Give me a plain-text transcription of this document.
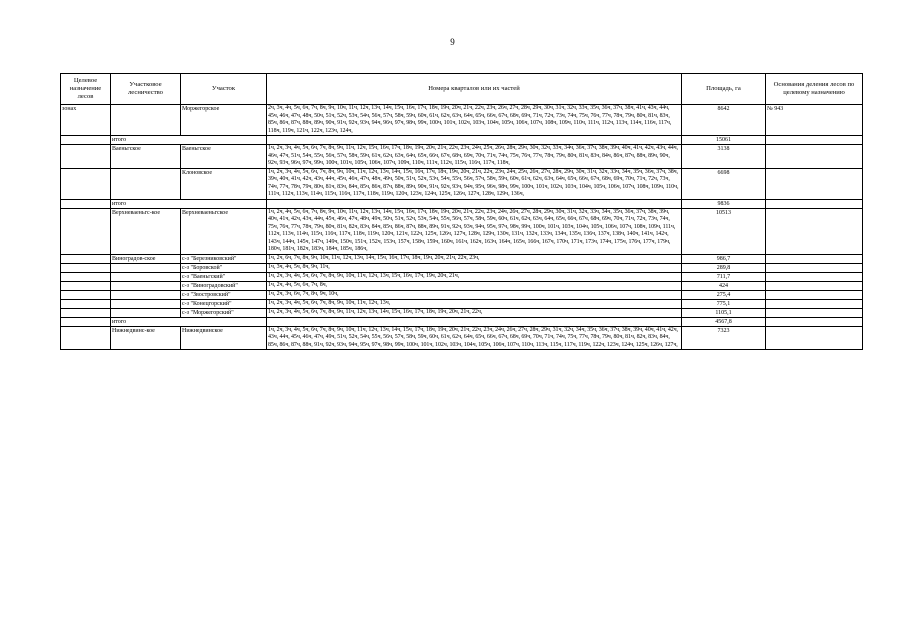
9
Целевое назначение лесов	Участковое лесничество	Участок	Номера кварталов или их частей	Площадь, га	Основания деления лесов по целевому назначению
зонах		Моржегорское	2ч, 3ч, 4ч, 5ч, 6ч, 7ч, 8ч, 9ч, 10ч, 11ч, 12ч, 13ч, 14ч, 15ч, 16ч, 17ч, 18ч, 19ч, 20ч, 21ч, 22ч, 23ч, 26ч, 27ч, 28ч, 29ч, 30ч, 31ч, 32ч, 33ч, 35ч, 36ч, 37ч, 38ч, 41ч, 43ч, 44ч, 45ч, 46ч, 47ч, 48ч, 50ч, 51ч, 52ч, 53ч, 54ч, 56ч, 57ч, 58ч, 59ч, 60ч, 61ч, 62ч, 63ч, 64ч, 65ч, 66ч, 67ч, 68ч, 69ч, 71ч, 72ч, 73ч, 74ч, 75ч, 76ч, 77ч, 78ч, 79ч, 80ч, 81ч, 83ч, 85ч, 86ч, 87ч, 88ч, 89ч, 90ч, 91ч, 92ч, 93ч, 94ч, 96ч, 97ч, 98ч, 99ч, 100ч, 101ч, 102ч, 103ч, 104ч, 105ч, 106ч, 107ч, 108ч, 109ч, 110ч, 111ч, 112ч, 113ч, 114ч, 116ч, 117ч, 118ч, 119ч, 121ч, 122ч, 123ч, 124ч,	8642	№ 943
	итого			15061	
	Ваеньгское	Ваеньгское	1ч, 2ч, 3ч, 4ч, 5ч, 6ч, 7ч, 8ч, 9ч, 11ч, 12ч, 15ч, 16ч, 17ч, 18ч, 19ч, 20ч, 21ч, 22ч, 23ч, 24ч, 25ч, 26ч, 28ч, 29ч, 30ч, 32ч, 33ч, 34ч, 36ч, 37ч, 38ч, 39ч, 40ч, 41ч, 42ч, 43ч, 44ч, 46ч, 47ч, 51ч, 54ч, 55ч, 56ч, 57ч, 58ч, 59ч, 61ч, 62ч, 63ч, 64ч, 65ч, 66ч, 67ч, 68ч, 69ч, 70ч, 71ч, 74ч, 75ч, 76ч, 77ч, 78ч, 79ч, 80ч, 81ч, 83ч, 84ч, 86ч, 87ч, 88ч, 89ч, 90ч, 92ч, 93ч, 96ч, 97ч, 99ч, 100ч, 101ч, 105ч, 106ч, 107ч, 109ч, 110ч, 111ч, 112ч, 115ч, 116ч, 117ч, 118ч,	3138	
		Клоновское	1ч, 2ч, 3ч, 4ч, 5ч, 6ч, 7ч, 8ч, 9ч, 10ч, 11ч, 12ч, 13ч, 14ч, 15ч, 16ч, 17ч, 18ч, 19ч, 20ч, 21ч, 22ч, 23ч, 24ч, 25ч, 26ч, 27ч, 28ч, 29ч, 30ч, 31ч, 32ч, 33ч, 34ч, 35ч, 36ч, 37ч, 38ч, 39ч, 40ч, 41ч, 42ч, 43ч, 44ч, 45ч, 46ч, 47ч, 48ч, 49ч, 50ч, 51ч, 52ч, 53ч, 54ч, 55ч, 56ч, 57ч, 58ч, 59ч, 60ч, 61ч, 62ч, 63ч, 64ч, 65ч, 66ч, 67ч, 68ч, 69ч, 70ч, 71ч, 72ч, 73ч, 74ч, 77ч, 78ч, 79ч, 80ч, 81ч, 83ч, 84ч, 85ч, 86ч, 87ч, 88ч, 89ч, 90ч, 91ч, 92ч, 93ч, 94ч, 95ч, 96ч, 98ч, 99ч, 100ч, 101ч, 102ч, 103ч, 104ч, 105ч, 106ч, 107ч, 108ч, 109ч, 110ч, 111ч, 112ч, 113ч, 114ч, 115ч, 116ч, 117ч, 118ч, 119ч, 120ч, 123ч, 124ч, 125ч, 126ч, 127ч, 128ч, 129ч, 136ч,	6698	
	итого			9836	
	Верхневаеньгс-кое	Верхневаеньгское	1ч, 2ч, 4ч, 5ч, 6ч, 7ч, 8ч, 9ч, 10ч, 11ч, 12ч, 13ч, 14ч, 15ч, 16ч, 17ч, 18ч, 19ч, 20ч, 21ч, 22ч, 23ч, 24ч, 26ч, 27ч, 28ч, 29ч, 30ч, 31ч, 32ч, 33ч, 34ч, 35ч, 36ч, 37ч, 38ч, 39ч, 40ч, 41ч, 42ч, 43ч, 44ч, 45ч, 46ч, 47ч, 48ч, 49ч, 50ч, 51ч, 52ч, 53ч, 54ч, 55ч, 56ч, 57ч, 58ч, 59ч, 60ч, 61ч, 62ч, 63ч, 64ч, 65ч, 66ч, 67ч, 68ч, 69ч, 70ч, 71ч, 72ч, 73ч, 74ч, 75ч, 76ч, 77ч, 78ч, 79ч, 80ч, 81ч, 82ч, 83ч, 84ч, 85ч, 86ч, 87ч, 88ч, 89ч, 91ч, 92ч, 93ч, 94ч, 95ч, 97ч, 98ч, 99ч, 100ч, 101ч, 103ч, 104ч, 105ч, 106ч, 107ч, 108ч, 109ч, 111ч, 112ч, 113ч, 114ч, 115ч, 116ч, 117ч, 118ч, 119ч, 120ч, 121ч, 122ч, 125ч, 126ч, 127ч, 128ч, 129ч, 130ч, 131ч, 132ч, 133ч, 134ч, 135ч, 136ч, 137ч, 138ч, 140ч, 141ч, 142ч, 143ч, 144ч, 145ч, 147ч, 149ч, 150ч, 151ч, 152ч, 153ч, 157ч, 158ч, 159ч, 160ч, 161ч, 162ч, 163ч, 164ч, 165ч, 166ч, 167ч, 170ч, 171ч, 173ч, 174ч, 175ч, 176ч, 177ч, 179ч, 180ч, 181ч, 182ч, 183ч, 184ч, 185ч, 186ч,	10513	
	Виноградов-ское	с-з "Березниковский"	1ч, 2ч, 6ч, 7ч, 8ч, 9ч, 10ч, 11ч, 12ч, 13ч, 14ч, 15ч, 16ч, 17ч, 18ч, 19ч, 20ч, 21ч, 22ч, 23ч,	986,7	
		с-з "Боровской"	1ч, 3ч, 4ч, 5ч, 8ч, 9ч, 11ч,	289,8	
		с-з "Ваеньгский"	1ч, 2ч, 3ч, 4ч, 5ч, 6ч, 7ч, 8ч, 9ч, 10ч, 11ч, 12ч, 13ч, 15ч, 16ч, 17ч, 19ч, 20ч, 21ч,	711,7	
		с-з "Виноградовский"	1ч, 2ч, 4ч, 5ч, 6ч, 7ч, 8ч,	424	
		с-з "Звостровский"	1ч, 2ч, 3ч, 6ч, 7ч, 8ч, 9ч, 10ч,	275,4	
		с-з "Конецгорский"	1ч, 2ч, 3ч, 4ч, 5ч, 6ч, 7ч, 8ч, 9ч, 10ч, 11ч, 12ч, 13ч,	775,1	
		с-з "Моржегорский"	1ч, 2ч, 3ч, 4ч, 5ч, 6ч, 7ч, 8ч, 9ч, 11ч, 12ч, 13ч, 14ч, 15ч, 16ч, 17ч, 18ч, 19ч, 20ч, 21ч, 22ч,	1105,1	
	итого			4567,8	
	Нижнедвинс-кое	Нижнедвинское	1ч, 2ч, 3ч, 4ч, 5ч, 6ч, 7ч, 8ч, 9ч, 10ч, 11ч, 12ч, 13ч, 14ч, 15ч, 17ч, 18ч, 19ч, 20ч, 21ч, 22ч, 23ч, 24ч, 26ч, 27ч, 28ч, 29ч, 31ч, 32ч, 34ч, 35ч, 36ч, 37ч, 38ч, 39ч, 40ч, 41ч, 42ч, 43ч, 44ч, 45ч, 46ч, 47ч, 49ч, 51ч, 52ч, 54ч, 55ч, 56ч, 57ч, 58ч, 59ч, 60ч, 61ч, 62ч, 64ч, 65ч, 66ч, 67ч, 68ч, 69ч, 70ч, 71ч, 74ч, 75ч, 77ч, 78ч, 79ч, 80ч, 81ч, 82ч, 83ч, 84ч, 85ч, 86ч, 87ч, 88ч, 91ч, 92ч, 93ч, 94ч, 95ч, 97ч, 98ч, 99ч, 100ч, 101ч, 102ч, 103ч, 104ч, 105ч, 106ч, 107ч, 110ч, 113ч, 115ч, 117ч, 119ч, 122ч, 123ч, 124ч, 125ч, 126ч, 127ч,	7323	
